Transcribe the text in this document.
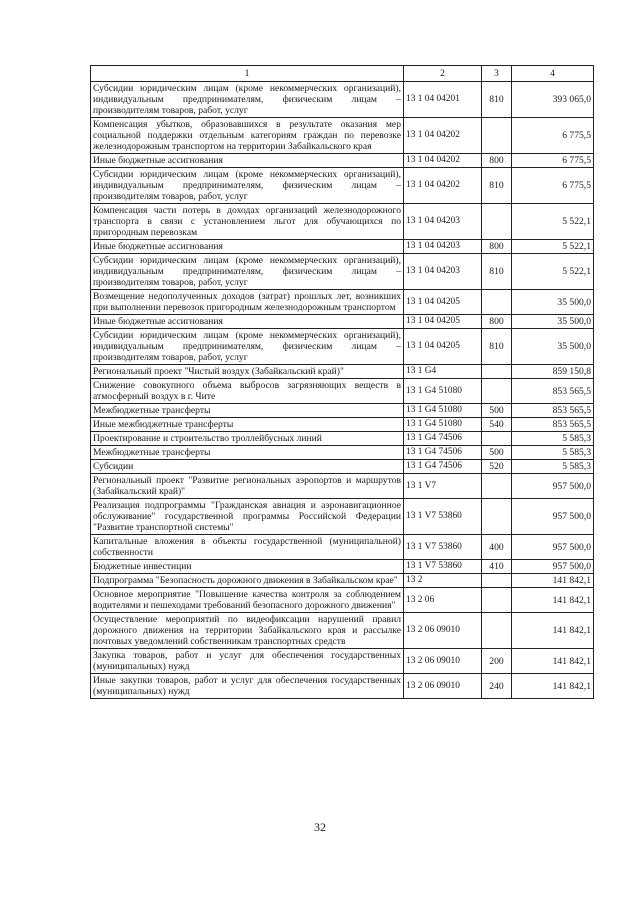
1	2	3	4
Субсидии юридическим лицам (кроме некоммерческих организаций), индивидуальным предпринимателям, физическим лицам – производителям товаров, работ, услуг	13 1 04 04201	810	393 065,0
Компенсация убытков, образовавшихся в результате оказания мер социальной поддержки отдельным категориям граждан по перевозке железнодорожным транспортом на территории Забайкальского края	13 1 04 04202		6 775,5
Иные бюджетные ассигнования	13 1 04 04202	800	6 775,5
Субсидии юридическим лицам (кроме некоммерческих организаций), индивидуальным предпринимателям, физическим лицам – производителям товаров, работ, услуг	13 1 04 04202	810	6 775,5
Компенсация части потерь в доходах организаций железнодорожного транспорта в связи с установлением льгот для обучающихся по пригородным перевозкам	13 1 04 04203		5 522,1
Иные бюджетные ассигнования	13 1 04 04203	800	5 522,1
Субсидии юридическим лицам (кроме некоммерческих организаций), индивидуальным предпринимателям, физическим лицам – производителям товаров, работ, услуг	13 1 04 04203	810	5 522,1
Возмещение недополученных доходов (затрат) прошлых лет, возникших при выполнении перевозок пригородным железнодорожным транспортом	13 1 04 04205		35 500,0
Иные бюджетные ассигнования	13 1 04 04205	800	35 500,0
Субсидии юридическим лицам (кроме некоммерческих организаций), индивидуальным предпринимателям, физическим лицам – производителям товаров, работ, услуг	13 1 04 04205	810	35 500,0
Региональный проект "Чистый воздух (Забайкальский край)"	13 1 G4		859 150,8
Снижение совокупного объема выбросов загрязняющих веществ в атмосферный воздух в г. Чите	13 1 G4 51080		853 565,5
Межбюджетные трансферты	13 1 G4 51080	500	853 565,5
Иные межбюджетные трансферты	13 1 G4 51080	540	853 565,5
Проектирование и строительство троллейбусных линий	13 1 G4 74506		5 585,3
Межбюджетные трансферты	13 1 G4 74506	500	5 585,3
Субсидии	13 1 G4 74506	520	5 585,3
Региональный проект "Развитие региональных аэропортов и маршрутов (Забайкальский край)"	13 1 V7		957 500,0
Реализация подпрограммы "Гражданская авиация и аэронавигационное обслуживание" государственной программы Российской Федерации "Развитие транспортной системы"	13 1 V7 53860		957 500,0
Капитальные вложения в объекты государственной (муниципальной) собственности	13 1 V7 53860	400	957 500,0
Бюджетные инвестиции	13 1 V7 53860	410	957 500,0
Подпрограмма "Безопасность дорожного движения в Забайкальском крае"	13 2		141 842,1
Основное мероприятие "Повышение качества контроля за соблюдением водителями и пешеходами требований безопасного дорожного движения"	13 2 06		141 842,1
Осуществление мероприятий по видеофиксации нарушений правил дорожного движения на территории Забайкальского края и рассылке почтовых уведомлений собственникам транспортных средств	13 2 06 09010		141 842,1
Закупка товаров, работ и услуг для обеспечения государственных (муниципальных) нужд	13 2 06 09010	200	141 842,1
Иные закупки товаров, работ и услуг для обеспечения государственных (муниципальных) нужд	13 2 06 09010	240	141 842,1
32
